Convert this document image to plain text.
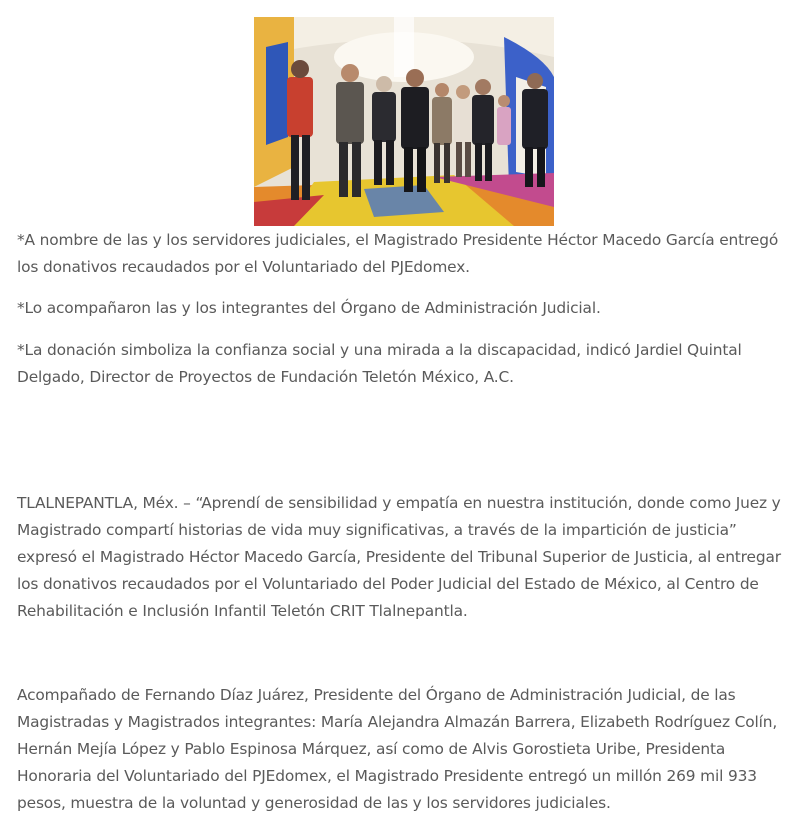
*A nombre de las y los servidores judiciales, el Magistrado Presidente Héctor Macedo García entregó los donativos recaudados por el Voluntariado del PJEdomex.

*Lo acompañaron las y los integrantes del Órgano de Administración Judicial.

*La donación simboliza la confianza social y una mirada a la discapacidad, indicó Jardiel Quintal Delgado, Director de Proyectos de Fundación Teletón México, A.C.

TLALNEPANTLA, Méx. – “Aprendí de sensibilidad y empatía en nuestra institución, donde como Juez y Magistrado compartí historias de vida muy significativas, a través de la impartición de justicia” expresó el Magistrado Héctor Macedo García, Presidente del Tribunal Superior de Justicia, al entregar los donativos recaudados por el Voluntariado del Poder Judicial del Estado de México, al Centro de Rehabilitación e Inclusión Infantil Teletón CRIT Tlalnepantla.

Acompañado de Fernando Díaz Juárez, Presidente del Órgano de Administración Judicial, de las Magistradas y Magistrados integrantes: María Alejandra Almazán Barrera, Elizabeth Rodríguez Colín, Hernán Mejía López y Pablo Espinosa Márquez, así como de Alvis Gorostieta Uribe, Presidenta Honoraria del Voluntariado del PJEdomex, el Magistrado Presidente entregó un millón 269 mil 933 pesos, muestra de la voluntad y generosidad de las y los servidores judiciales.
